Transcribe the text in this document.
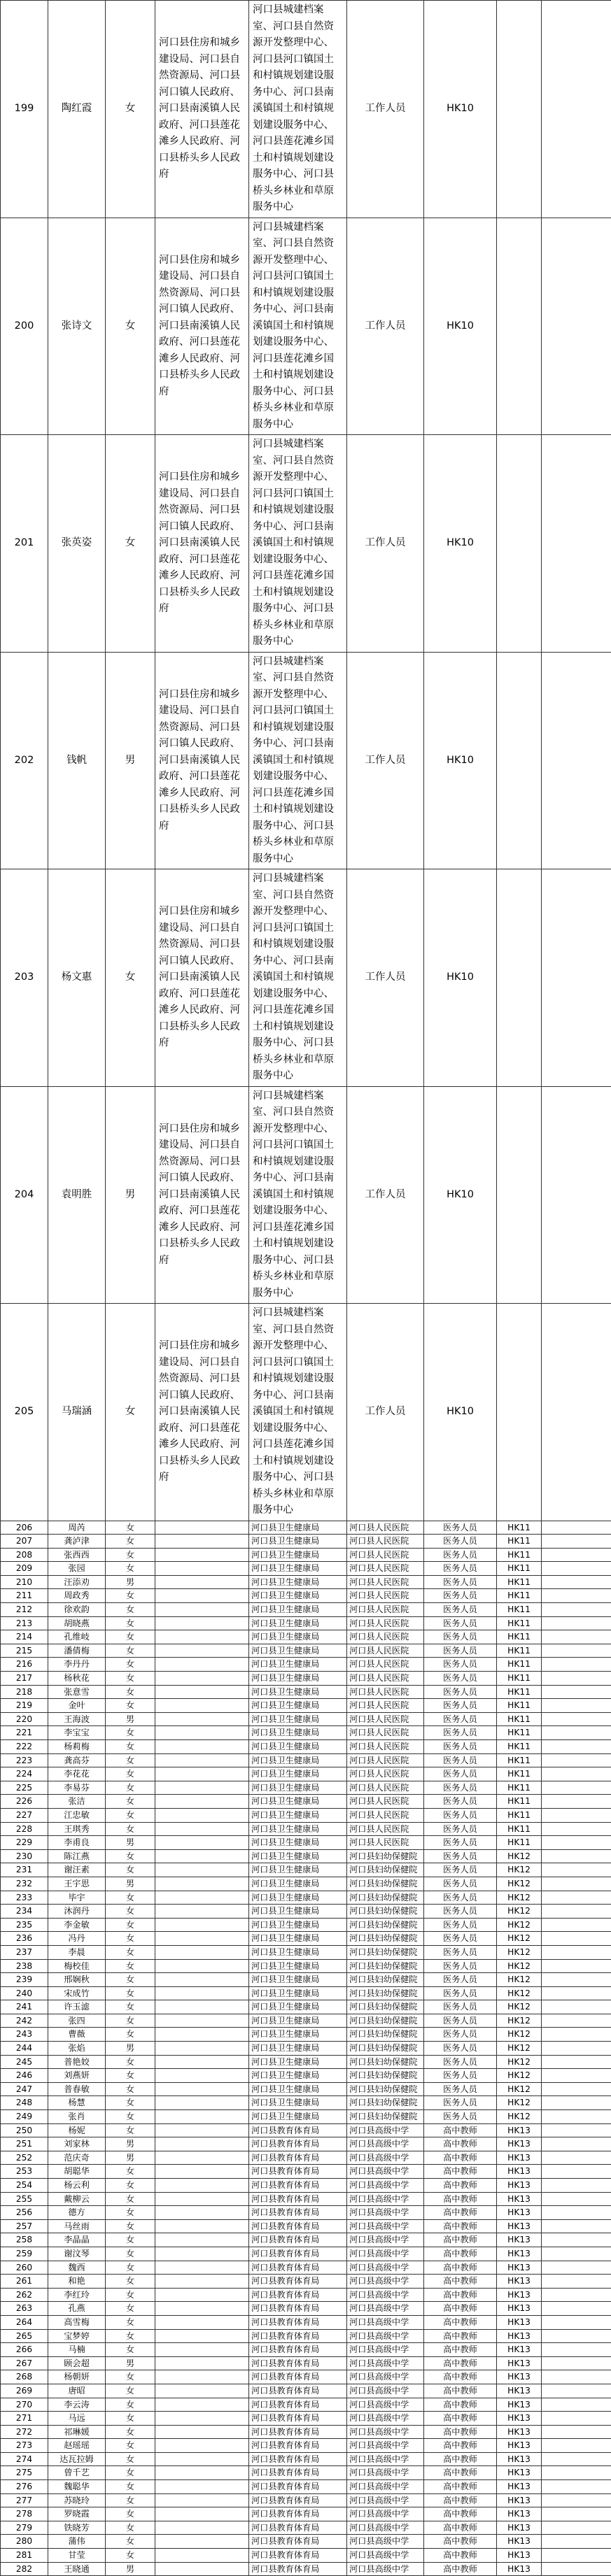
199	陶红霞	女	河口县住房和城乡建设局、河口县自然资源局、河口县河口镇人民政府、河口县南溪镇人民政府、河口县莲花滩乡人民政府、河口县桥头乡人民政府	河口县城建档案室、河口县自然资源开发整理中心、河口县河口镇国土和村镇规划建设服务中心、河口县南溪镇国土和村镇规划建设服务中心、河口县莲花滩乡国土和村镇规划建设服务中心、河口县桥头乡林业和草原服务中心	工作人员	HK10		
200	张诗文	女	河口县住房和城乡建设局、河口县自然资源局、河口县河口镇人民政府、河口县南溪镇人民政府、河口县莲花滩乡人民政府、河口县桥头乡人民政府	河口县城建档案室、河口县自然资源开发整理中心、河口县河口镇国土和村镇规划建设服务中心、河口县南溪镇国土和村镇规划建设服务中心、河口县莲花滩乡国土和村镇规划建设服务中心、河口县桥头乡林业和草原服务中心	工作人员	HK10		
201	张英姿	女	河口县住房和城乡建设局、河口县自然资源局、河口县河口镇人民政府、河口县南溪镇人民政府、河口县莲花滩乡人民政府、河口县桥头乡人民政府	河口县城建档案室、河口县自然资源开发整理中心、河口县河口镇国土和村镇规划建设服务中心、河口县南溪镇国土和村镇规划建设服务中心、河口县莲花滩乡国土和村镇规划建设服务中心、河口县桥头乡林业和草原服务中心	工作人员	HK10		
202	钱帆	男	河口县住房和城乡建设局、河口县自然资源局、河口县河口镇人民政府、河口县南溪镇人民政府、河口县莲花滩乡人民政府、河口县桥头乡人民政府	河口县城建档案室、河口县自然资源开发整理中心、河口县河口镇国土和村镇规划建设服务中心、河口县南溪镇国土和村镇规划建设服务中心、河口县莲花滩乡国土和村镇规划建设服务中心、河口县桥头乡林业和草原服务中心	工作人员	HK10		
203	杨文惠	女	河口县住房和城乡建设局、河口县自然资源局、河口县河口镇人民政府、河口县南溪镇人民政府、河口县莲花滩乡人民政府、河口县桥头乡人民政府	河口县城建档案室、河口县自然资源开发整理中心、河口县河口镇国土和村镇规划建设服务中心、河口县南溪镇国土和村镇规划建设服务中心、河口县莲花滩乡国土和村镇规划建设服务中心、河口县桥头乡林业和草原服务中心	工作人员	HK10		
204	袁明胜	男	河口县住房和城乡建设局、河口县自然资源局、河口县河口镇人民政府、河口县南溪镇人民政府、河口县莲花滩乡人民政府、河口县桥头乡人民政府	河口县城建档案室、河口县自然资源开发整理中心、河口县河口镇国土和村镇规划建设服务中心、河口县南溪镇国土和村镇规划建设服务中心、河口县莲花滩乡国土和村镇规划建设服务中心、河口县桥头乡林业和草原服务中心	工作人员	HK10		
205	马瑞涵	女	河口县住房和城乡建设局、河口县自然资源局、河口县河口镇人民政府、河口县南溪镇人民政府、河口县莲花滩乡人民政府、河口县桥头乡人民政府	河口县城建档案室、河口县自然资源开发整理中心、河口县河口镇国土和村镇规划建设服务中心、河口县南溪镇国土和村镇规划建设服务中心、河口县莲花滩乡国土和村镇规划建设服务中心、河口县桥头乡林业和草原服务中心	工作人员	HK10		
206	周芮	女		河口县卫生健康局	河口县人民医院	医务人员	HK11	
207	龚泸津	女		河口县卫生健康局	河口县人民医院	医务人员	HK11	
208	张西西	女		河口县卫生健康局	河口县人民医院	医务人员	HK11	
209	张园	女		河口县卫生健康局	河口县人民医院	医务人员	HK11	
210	汪添劝	男		河口县卫生健康局	河口县人民医院	医务人员	HK11	
211	周政秀	女		河口县卫生健康局	河口县人民医院	医务人员	HK11	
212	徐欢韵	女		河口县卫生健康局	河口县人民医院	医务人员	HK11	
213	胡晓燕	女		河口县卫生健康局	河口县人民医院	医务人员	HK11	
214	孔维岐	女		河口县卫生健康局	河口县人民医院	医务人员	HK11	
215	潘倩梅	女		河口县卫生健康局	河口县人民医院	医务人员	HK11	
216	李丹丹	女		河口县卫生健康局	河口县人民医院	医务人员	HK11	
217	杨秋花	女		河口县卫生健康局	河口县人民医院	医务人员	HK11	
218	张意雪	女		河口县卫生健康局	河口县人民医院	医务人员	HK11	
219	金叶	女		河口县卫生健康局	河口县人民医院	医务人员	HK11	
220	王海波	男		河口县卫生健康局	河口县人民医院	医务人员	HK11	
221	李宝宝	女		河口县卫生健康局	河口县人民医院	医务人员	HK11	
222	杨莉梅	女		河口县卫生健康局	河口县人民医院	医务人员	HK11	
223	龚高芬	女		河口县卫生健康局	河口县人民医院	医务人员	HK11	
224	李花花	女		河口县卫生健康局	河口县人民医院	医务人员	HK11	
225	李易芬	女		河口县卫生健康局	河口县人民医院	医务人员	HK11	
226	张洁	女		河口县卫生健康局	河口县人民医院	医务人员	HK11	
227	江忠敏	女		河口县卫生健康局	河口县人民医院	医务人员	HK11	
228	王琪秀	女		河口县卫生健康局	河口县人民医院	医务人员	HK11	
229	李甫良	男		河口县卫生健康局	河口县人民医院	医务人员	HK11	
230	陈江燕	女		河口县卫生健康局	河口县妇幼保健院	医务人员	HK12	
231	谢汪素	女		河口县卫生健康局	河口县妇幼保健院	医务人员	HK12	
232	王宇思	男		河口县卫生健康局	河口县妇幼保健院	医务人员	HK12	
233	毕宇	女		河口县卫生健康局	河口县妇幼保健院	医务人员	HK12	
234	沐润丹	女		河口县卫生健康局	河口县妇幼保健院	医务人员	HK12	
235	李金敏	女		河口县卫生健康局	河口县妇幼保健院	医务人员	HK12	
236	冯丹	女		河口县卫生健康局	河口县妇幼保健院	医务人员	HK12	
237	李晨	女		河口县卫生健康局	河口县妇幼保健院	医务人员	HK12	
238	梅校佳	女		河口县卫生健康局	河口县妇幼保健院	医务人员	HK12	
239	邢娴秋	女		河口县卫生健康局	河口县妇幼保健院	医务人员	HK12	
240	宋成竹	女		河口县卫生健康局	河口县妇幼保健院	医务人员	HK12	
241	许玉滤	女		河口县卫生健康局	河口县妇幼保健院	医务人员	HK12	
242	张四	女		河口县卫生健康局	河口县妇幼保健院	医务人员	HK12	
243	曹薇	女		河口县卫生健康局	河口县妇幼保健院	医务人员	HK12	
244	张焰	男		河口县卫生健康局	河口县妇幼保健院	医务人员	HK12	
245	普艳姣	女		河口县卫生健康局	河口县妇幼保健院	医务人员	HK12	
246	刘燕妍	女		河口县卫生健康局	河口县妇幼保健院	医务人员	HK12	
247	普春敏	女		河口县卫生健康局	河口县妇幼保健院	医务人员	HK12	
248	杨慧	女		河口县卫生健康局	河口县妇幼保健院	医务人员	HK12	
249	张肖	女		河口县卫生健康局	河口县妇幼保健院	医务人员	HK12	
250	杨妮	女		河口县教育体育局	河口县高级中学	高中教师	HK13	
251	刘家林	男		河口县教育体育局	河口县高级中学	高中教师	HK13	
252	范庆奇	男		河口县教育体育局	河口县高级中学	高中教师	HK13	
253	胡聪华	女		河口县教育体育局	河口县高级中学	高中教师	HK13	
254	杨云利	女		河口县教育体育局	河口县高级中学	高中教师	HK13	
255	戴柳云	女		河口县教育体育局	河口县高级中学	高中教师	HK13	
256	德方	女		河口县教育体育局	河口县高级中学	高中教师	HK13	
257	马丝雨	女		河口县教育体育局	河口县高级中学	高中教师	HK13	
258	李晶晶	女		河口县教育体育局	河口县高级中学	高中教师	HK13	
259	谢汶琴	女		河口县教育体育局	河口县高级中学	高中教师	HK13	
260	魏西	女		河口县教育体育局	河口县高级中学	高中教师	HK13	
261	和艳	女		河口县教育体育局	河口县高级中学	高中教师	HK13	
262	李红玲	女		河口县教育体育局	河口县高级中学	高中教师	HK13	
263	孔燕	女		河口县教育体育局	河口县高级中学	高中教师	HK13	
264	高雪梅	女		河口县教育体育局	河口县高级中学	高中教师	HK13	
265	宝梦婷	女		河口县教育体育局	河口县高级中学	高中教师	HK13	
266	马楠	女		河口县教育体育局	河口县高级中学	高中教师	HK13	
267	顾会超	男		河口县教育体育局	河口县高级中学	高中教师	HK13	
268	杨朝妍	女		河口县教育体育局	河口县高级中学	高中教师	HK13	
269	唐昭	女		河口县教育体育局	河口县高级中学	高中教师	HK13	
270	李云涛	女		河口县教育体育局	河口县高级中学	高中教师	HK13	
271	马远	女		河口县教育体育局	河口县高级中学	高中教师	HK13	
272	祁琳媛	女		河口县教育体育局	河口县高级中学	高中教师	HK13	
273	赵瑶瑶	女		河口县教育体育局	河口县高级中学	高中教师	HK13	
274	达瓦拉姆	女		河口县教育体育局	河口县高级中学	高中教师	HK13	
275	曾千艺	女		河口县教育体育局	河口县高级中学	高中教师	HK13	
276	魏聪华	女		河口县教育体育局	河口县高级中学	高中教师	HK13	
277	苏晓玲	女		河口县教育体育局	河口县高级中学	高中教师	HK13	
278	罗晓霞	女		河口县教育体育局	河口县高级中学	高中教师	HK13	
279	铁晓芳	女		河口县教育体育局	河口县高级中学	高中教师	HK13	
280	蒲伟	女		河口县教育体育局	河口县高级中学	高中教师	HK13	
281	甘莹	女		河口县教育体育局	河口县高级中学	高中教师	HK13	
282	王晓通	男		河口县教育体育局	河口县高级中学	高中教师	HK13	
